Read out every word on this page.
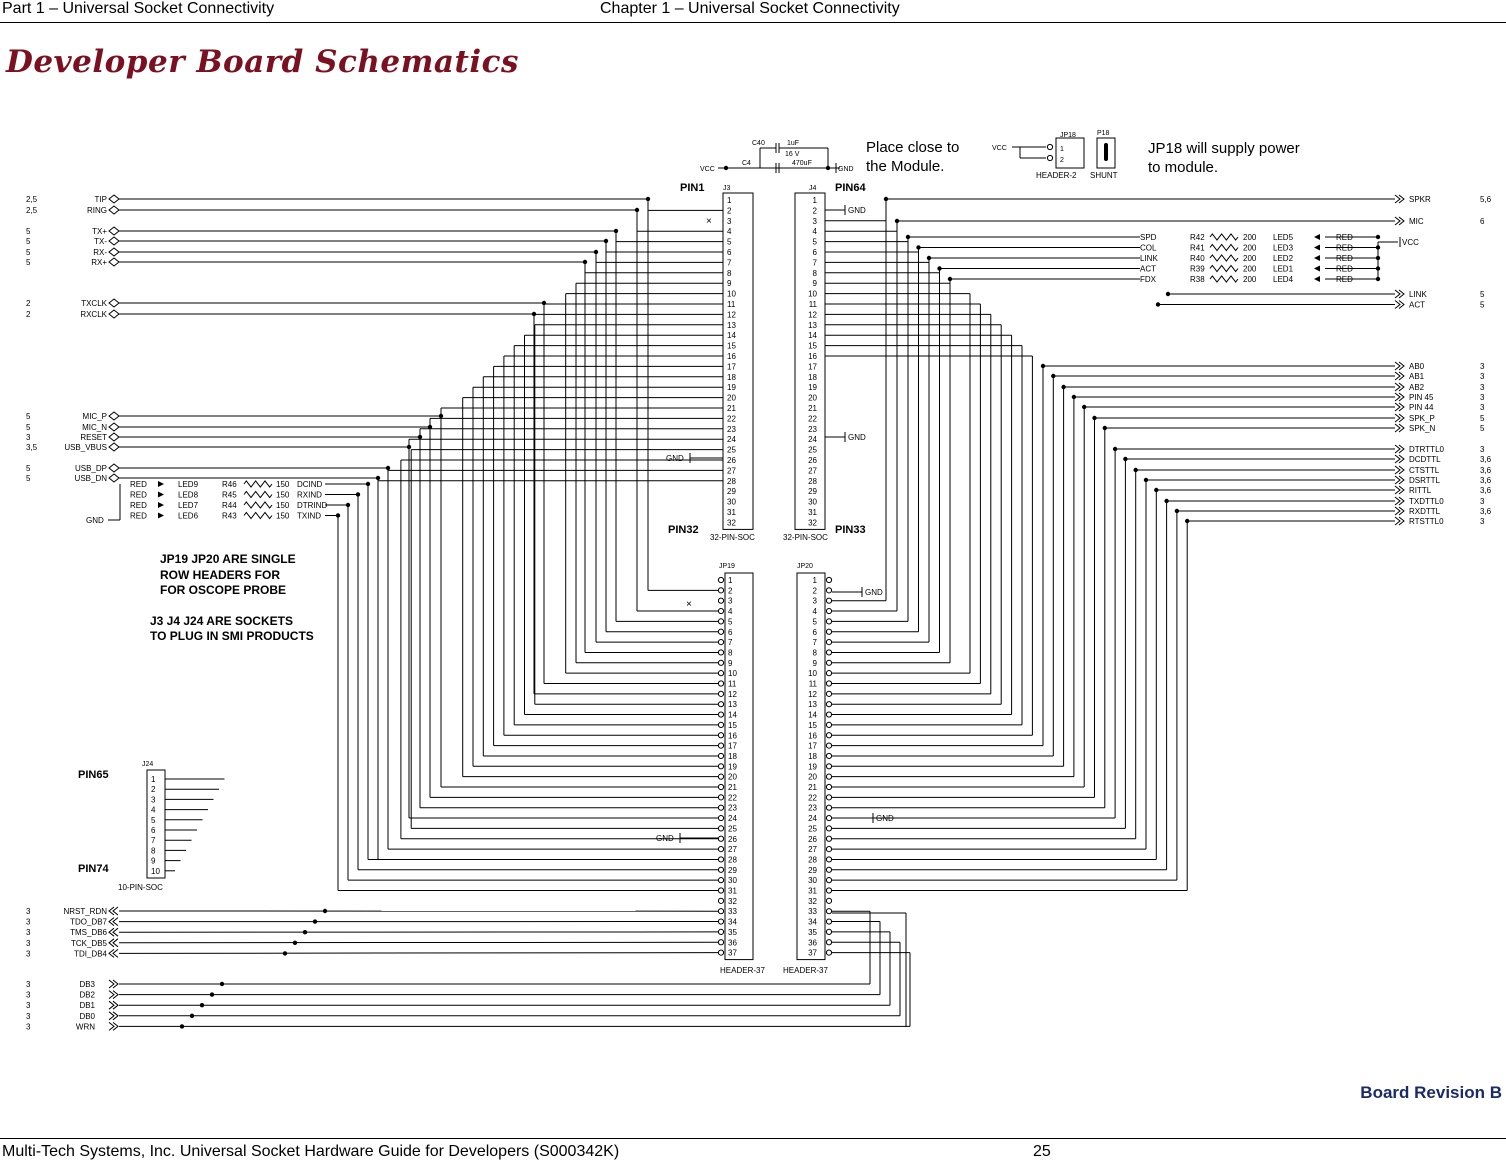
Part 1 – Universal Socket Connectivity	Chapter 1 – Universal Socket Connectivity
Developer Board Schematics
1	1
2	2
3	3
4	4
5	5
6	6
7	7
8	8
9	9
10	10
11	11
12	12
13	13
14	14
15	15
16	16
17	17
18	18
19	19
20	20
21	21
22	22
23	23
24	24
25	25
26	26
27	27
28	28
29	29
30	30
31	31
32	32
J3	J4
PIN1	PIN64
PIN32	PIN33
32-PIN-SOC	32-PIN-SOC
1	1
2	2
3	3
4	4
5	5
6	6
7	7
8	8
9	9
10	10
11	11
12	12
13	13
14	14
15	15
16	16
17	17
18	18
19	19
20	20
21	21
22	22
23	23
24	24
25	25
26	26
27	27
28	28
29	29
30	30
31	31
32	32
33	33
34	34
35	35
36	36
37	37
JP19	JP20
HEADER-37 HEADER-37
VCC
C40	1uF
16 V
C4	470uF
GND
Place close to
the Module.
VCC
JP18
1
2
HEADER-2
P18
SHUNT
JP18 will supply power
to module.
2,5	TIP
2,5	RING
5	TX+
5	TX-
5	RX-
5	RX+
2	TXCLK
2	RXCLK
5	MIC_P
5	MIC_N
3	RESET
3,5	USB_VBUS
5	USB_DP
5	USB_DN
×
×
RED	LED9	R46	150 DCIND
RED	LED8	R45	150 RXIND
RED	LED7	R44	150 DTRIND
RED	LED6	R43	150 TXIND
GND
GND
GND
JP19 JP20 ARE SINGLE
ROW HEADERS FOR
FOR OSCOPE PROBE
J3 J4 J24 ARE SOCKETS
TO PLUG IN SMI PRODUCTS
J24
1
2
3
4
5
6
7
8
9
10
PIN65
PIN74
10-PIN-SOC
3	NRST_RDN
3	TDO_DB7
3	TMS_DB6
3	TCK_DB5
3	TDI_DB4
3	DB3
3	DB2
3	DB1
3	DB0
3	WRN
SPKR	5,6
MIC	6
GND
SPD	R42	200 LED5	RED
COL	R41	200 LED3	RED
LINK	R40	200 LED2	RED
ACT	R39	200 LED1	RED
FDX	R38	200 LED4	RED
VCC
LINK	5
ACT	5
AB0	3
AB1	3
AB2	3
PIN 45	3
PIN 44	3
SPK_P	5
SPK_N	5
DTRTTL0	3
DCDTTL	3,6
CTSTTL	3,6
DSRTTL	3,6
RITTL	3,6
TXDTTL0	3
RXDTTL	3,6
RTSTTL0	3
GND
GND
GND
Board Revision B
Multi-Tech Systems, Inc. Universal Socket Hardware Guide for Developers (S000342K)	25
